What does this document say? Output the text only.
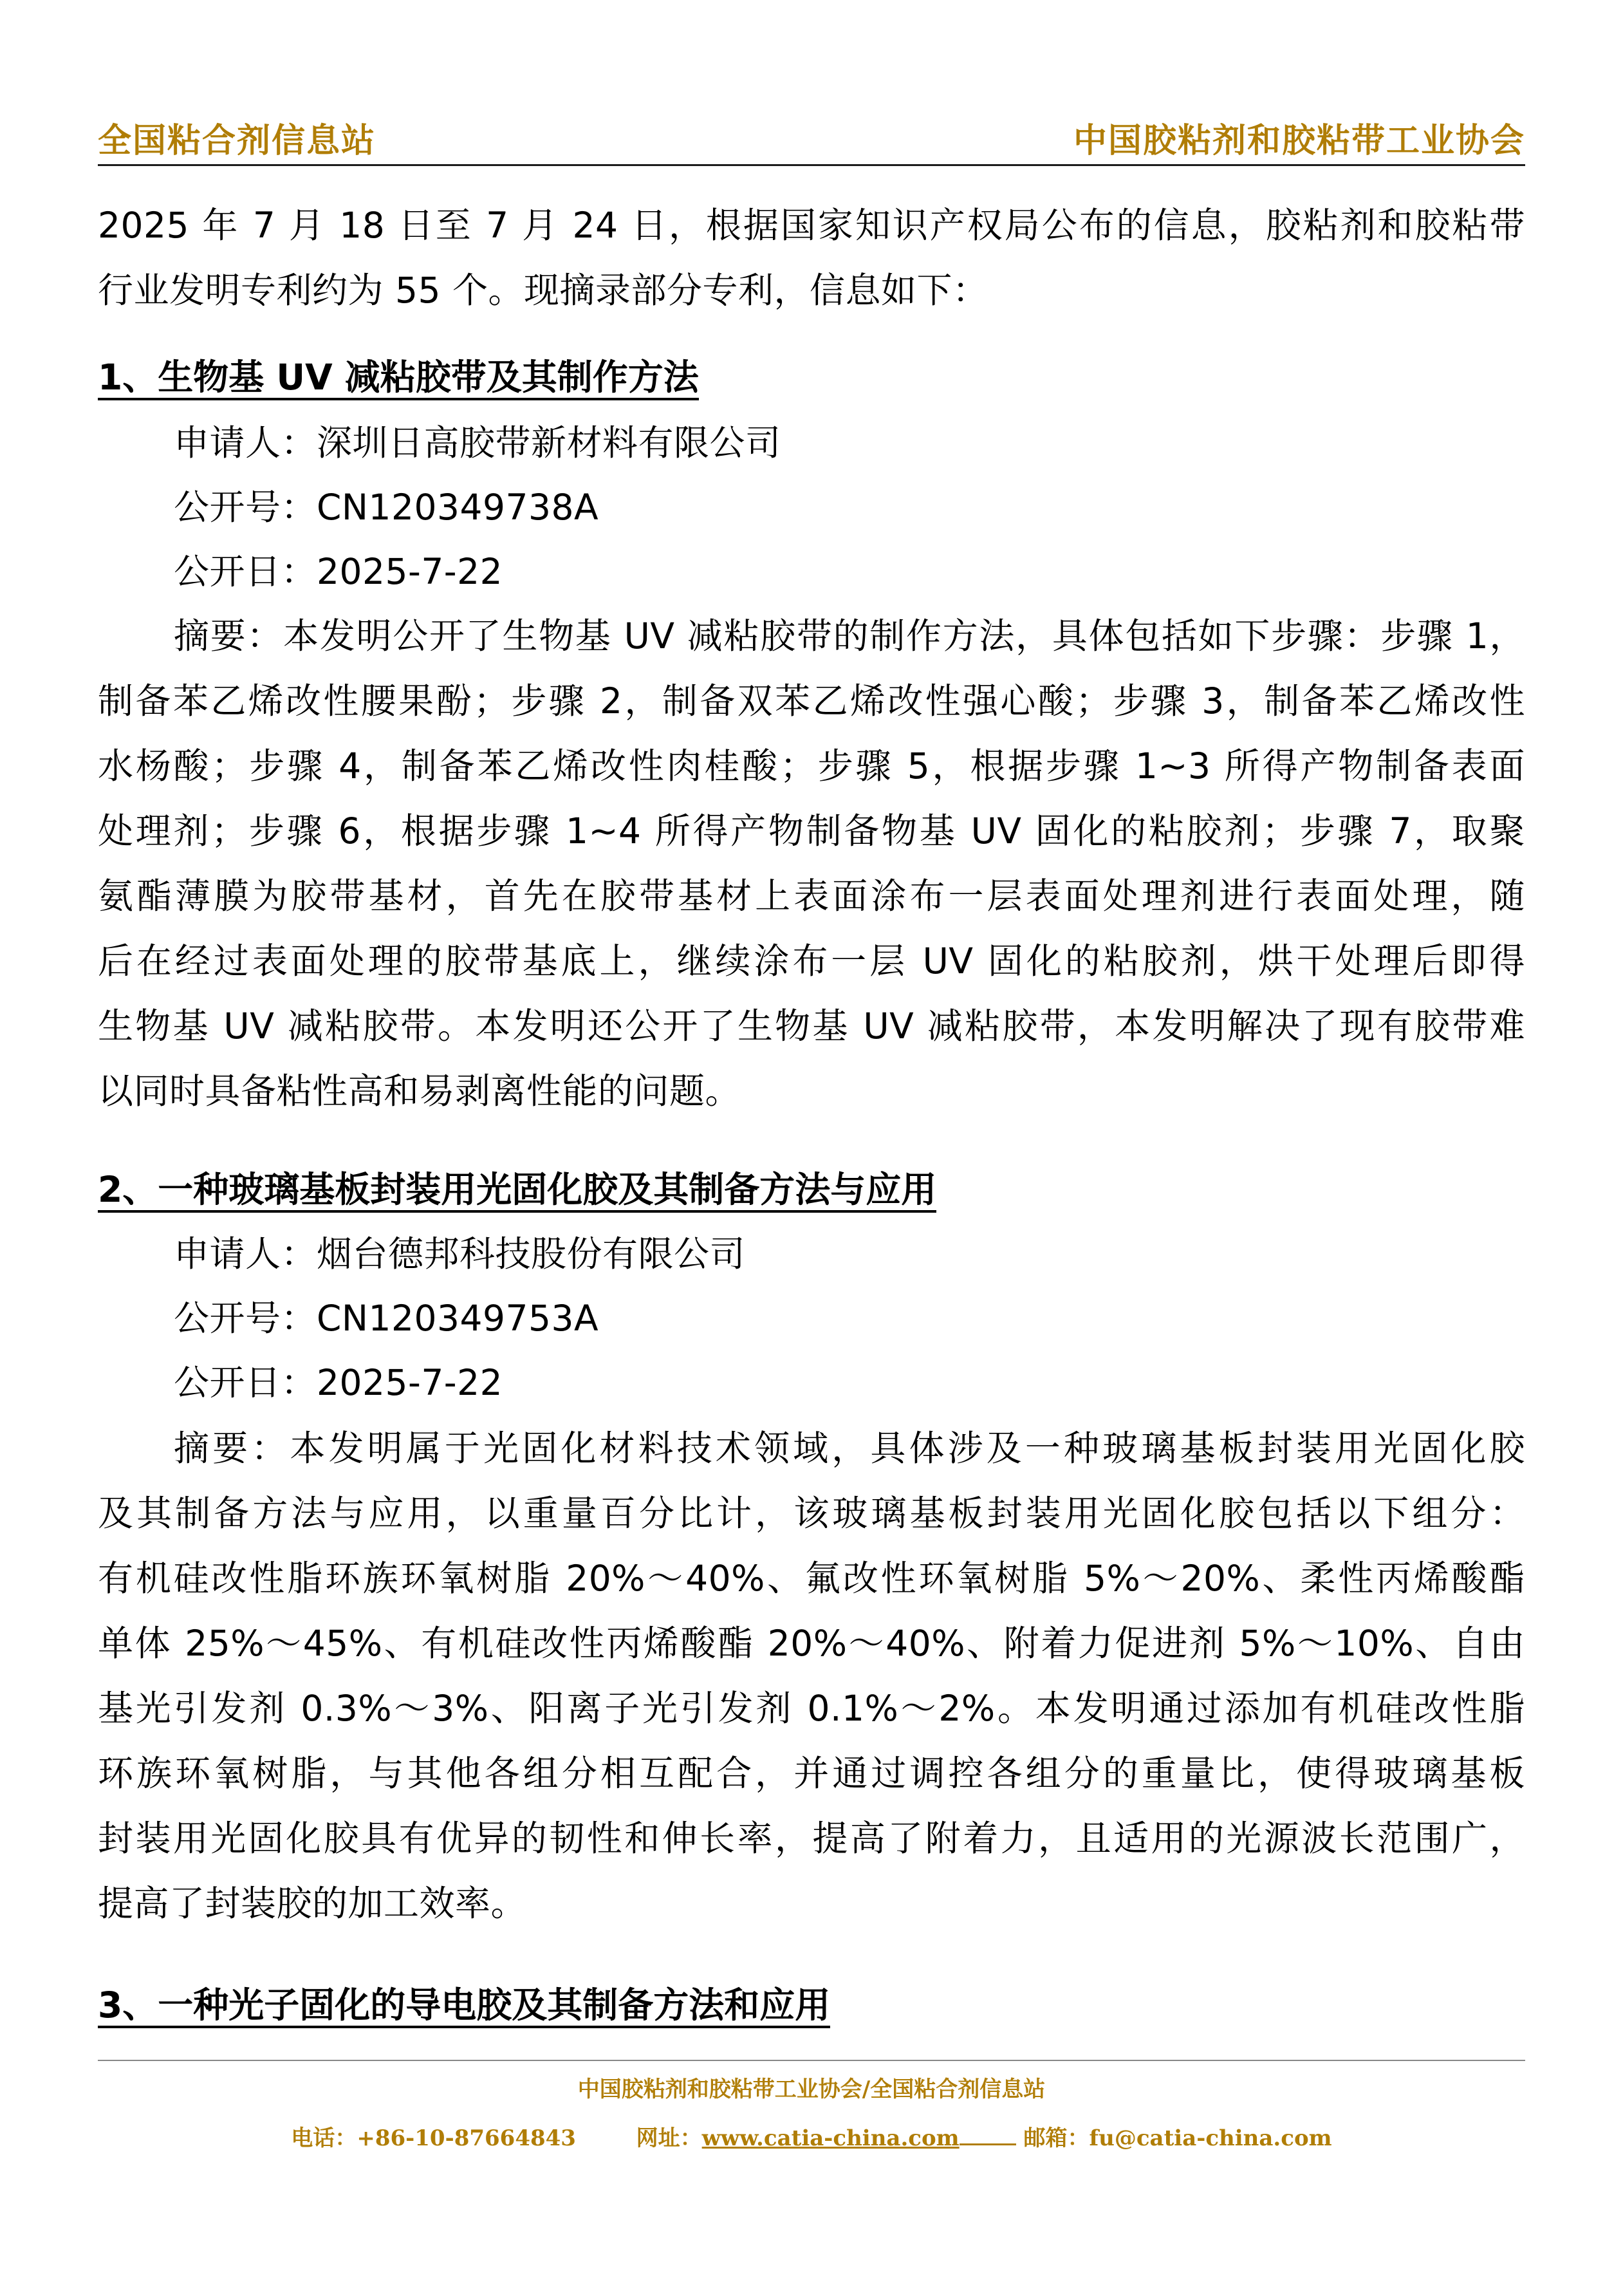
全国粘合剂信息站	中国胶粘剂和胶粘带工业协会
2025 年 7 月 18 日至 7 月 24 日，根据国家知识产权局公布的信息，胶粘剂和胶粘带
行业发明专利约为 55 个。现摘录部分专利，信息如下：
1、生物基 UV 减粘胶带及其制作方法
申请人：深圳日高胶带新材料有限公司
公开号：CN120349738A
公开日：2025-7-22
摘要：本发明公开了生物基 UV 减粘胶带的制作方法，具体包括如下步骤：步骤 1，
制备苯乙烯改性腰果酚；步骤 2，制备双苯乙烯改性强心酸；步骤 3，制备苯乙烯改性
水杨酸；步骤 4，制备苯乙烯改性肉桂酸；步骤 5，根据步骤 1~3 所得产物制备表面
处理剂；步骤 6，根据步骤 1~4 所得产物制备物基 UV 固化的粘胶剂；步骤 7，取聚
氨酯薄膜为胶带基材，首先在胶带基材上表面涂布一层表面处理剂进行表面处理，随
后在经过表面处理的胶带基底上，继续涂布一层 UV 固化的粘胶剂，烘干处理后即得
生物基 UV 减粘胶带。本发明还公开了生物基 UV 减粘胶带，本发明解决了现有胶带难
以同时具备粘性高和易剥离性能的问题。
2、一种玻璃基板封装用光固化胶及其制备方法与应用
申请人：烟台德邦科技股份有限公司
公开号：CN120349753A
公开日：2025-7-22
摘要：本发明属于光固化材料技术领域，具体涉及一种玻璃基板封装用光固化胶
及其制备方法与应用，以重量百分比计，该玻璃基板封装用光固化胶包括以下组分：
有机硅改性脂环族环氧树脂 20%～40%、氟改性环氧树脂 5%～20%、柔性丙烯酸酯
单体 25%～45%、有机硅改性丙烯酸酯 20%～40%、附着力促进剂 5%～10%、自由
基光引发剂 0.3%～3%、阳离子光引发剂 0.1%～2%。本发明通过添加有机硅改性脂
环族环氧树脂，与其他各组分相互配合，并通过调控各组分的重量比，使得玻璃基板
封装用光固化胶具有优异的韧性和伸长率，提高了附着力，且适用的光源波长范围广，
提高了封装胶的加工效率。
3、一种光子固化的导电胶及其制备方法和应用
中国胶粘剂和胶粘带工业协会/全国粘合剂信息站
电话：+86-10-87664843	网址：www.catia-china.com	邮箱：fu@catia-china.com
